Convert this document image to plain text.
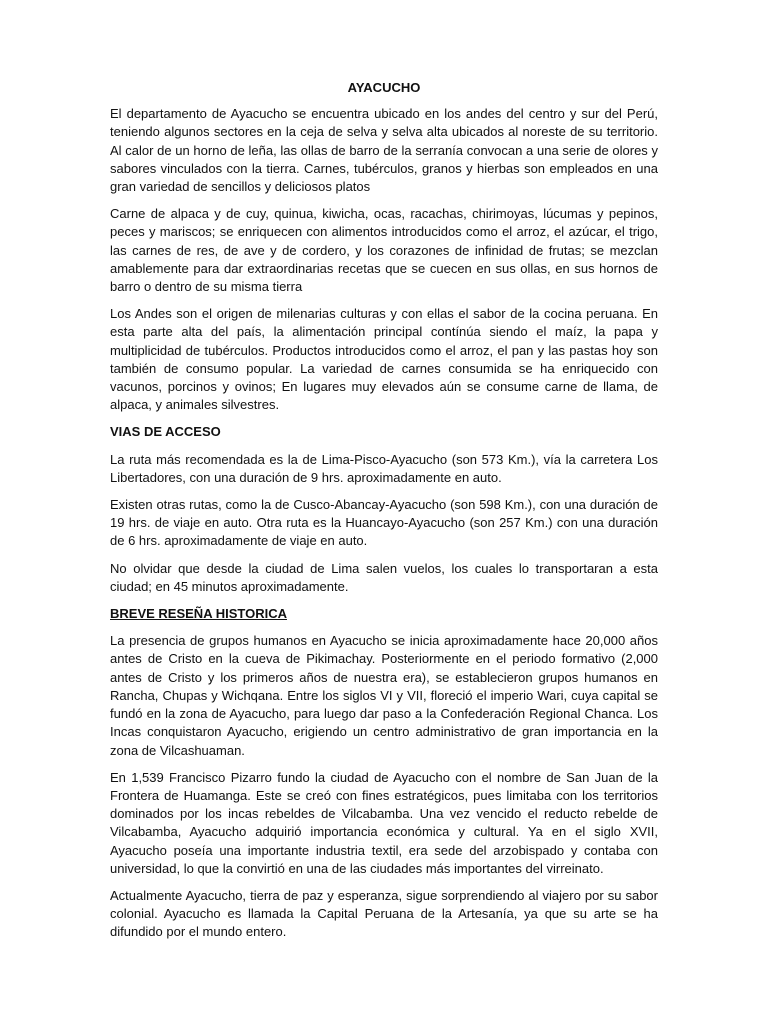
AYACUCHO

El departamento de Ayacucho se encuentra ubicado en los andes del centro y sur del Perú, teniendo algunos sectores en la ceja de selva y selva alta ubicados al noreste de su territorio. Al calor de un horno de leña, las ollas de barro de la serranía convocan a una serie de olores y sabores vinculados con la tierra. Carnes, tubérculos, granos y hierbas son empleados en una gran variedad de sencillos y deliciosos platos

Carne de alpaca y de cuy, quinua, kiwicha, ocas, racachas, chirimoyas, lúcumas y pepinos, peces y mariscos; se enriquecen con alimentos introducidos como el arroz, el azúcar, el trigo, las carnes de res, de ave y de cordero, y los corazones de infinidad de frutas; se mezclan amablemente para dar extraordinarias recetas que se cuecen en sus ollas, en sus hornos de barro o dentro de su misma tierra

Los Andes son el origen de milenarias culturas y con ellas el sabor de la cocina peruana. En esta parte alta del país, la alimentación principal contínúa siendo el maíz, la papa y multiplicidad de tubérculos. Productos introducidos como el arroz, el pan y las pastas hoy son también de consumo popular. La variedad de carnes consumida se ha enriquecido con vacunos, porcinos y ovinos; En lugares muy elevados aún se consume carne de llama, de alpaca, y animales silvestres.

VIAS DE ACCESO

La ruta más recomendada es la de Lima-Pisco-Ayacucho (son 573 Km.), vía la carretera Los Libertadores, con una duración de 9 hrs. aproximadamente en auto.

Existen otras rutas, como la de Cusco-Abancay-Ayacucho (son 598 Km.), con una duración de 19 hrs. de viaje en auto. Otra ruta es la Huancayo-Ayacucho (son 257 Km.) con una duración de 6 hrs. aproximadamente de viaje en auto.

No olvidar que desde la ciudad de Lima salen vuelos, los cuales lo transportaran a esta ciudad; en 45 minutos aproximadamente.

BREVE RESEÑA HISTORICA

La presencia de grupos humanos en Ayacucho se inicia aproximadamente hace 20,000 años antes de Cristo en la cueva de Pikimachay. Posteriormente en el periodo formativo (2,000 antes de Cristo y los primeros años de nuestra era), se establecieron grupos humanos en Rancha, Chupas y Wichqana. Entre los siglos VI y VII, floreció el imperio Wari, cuya capital se fundó en la zona de Ayacucho, para luego dar paso a la Confederación Regional Chanca. Los Incas conquistaron Ayacucho, erigiendo un centro administrativo de gran importancia en la zona de Vilcashuaman.

En 1,539 Francisco Pizarro fundo la ciudad de Ayacucho con el nombre de San Juan de la Frontera de Huamanga. Este se creó con fines estratégicos, pues limitaba con los territorios dominados por los incas rebeldes de Vilcabamba. Una vez vencido el reducto rebelde de Vilcabamba, Ayacucho adquirió importancia económica y cultural. Ya en el siglo XVII, Ayacucho poseía una importante industria textil, era sede del arzobispado y contaba con universidad, lo que la convirtió en una de las ciudades más importantes del virreinato.

Actualmente Ayacucho, tierra de paz y esperanza, sigue sorprendiendo al viajero por su sabor colonial. Ayacucho es llamada la Capital Peruana de la Artesanía, ya que su arte se ha difundido por el mundo entero.
